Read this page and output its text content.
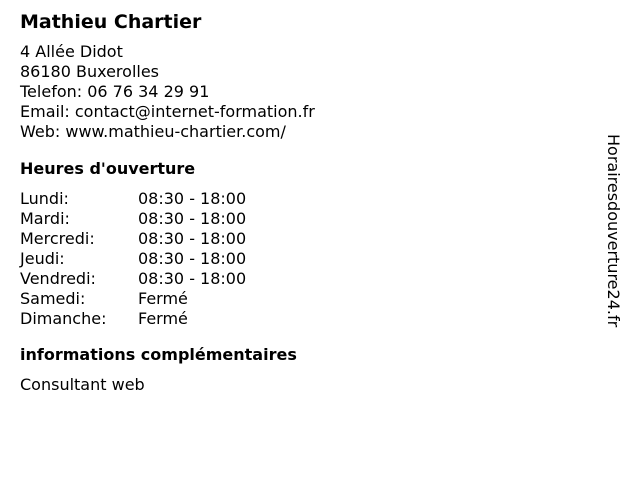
Mathieu Chartier
4 Allée Didot
86180 Buxerolles
Telefon: 06 76 34 29 91
Email: contact@internet-formation.fr
Web: www.mathieu-chartier.com/
Heures d'ouverture
Lundi:	08:30 - 18:00
Mardi:	08:30 - 18:00
Mercredi:	08:30 - 18:00
Jeudi:	08:30 - 18:00
Vendredi:	08:30 - 18:00
Samedi:	Fermé
Dimanche:	Fermé
informations complémentaires
Consultant web
Horairesdouverture24.fr
